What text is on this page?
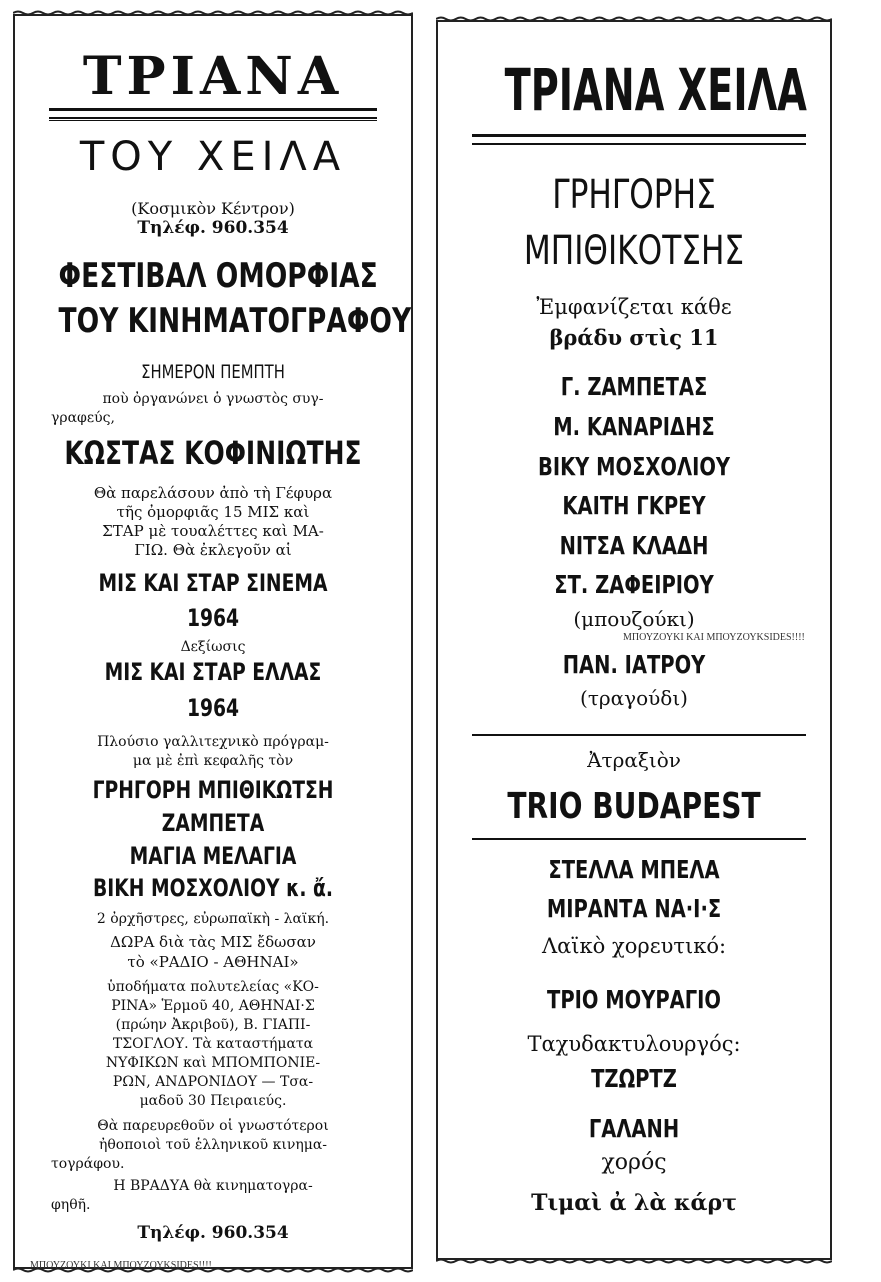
ΤΡΙΑΝΑ
ΤΟΥ ΧΕΙΛΑ
(Κοσμικὸν Κέντρον)
Τηλέφ. 960.354
ΦΕΣΤΙΒΑΛ ΟΜΟΡΦΙΑΣ
ΤΟΥ ΚΙΝΗΜΑΤΟΓΡΑΦΟΥ
ΣΗΜΕΡΟΝ ΠΕΜΠΤΗ
ποὺ ὀργανώνει ὁ γνωστὸς συγ-
γραφεύς,
ΚΩΣΤΑΣ ΚΟΦΙΝΙΩΤΗΣ
Θὰ παρελάσουν ἀπὸ τὴ Γέφυρα
τῆς ὀμορφιᾶς 15 ΜΙΣ καὶ
ΣΤΑΡ μὲ τουαλέττες καὶ ΜΑ-
ΓΙΩ. Θὰ ἐκλεγοῦν αἱ
ΜΙΣ ΚΑΙ ΣΤΑΡ ΣΙΝΕΜΑ
1964
Δεξίωσις
ΜΙΣ ΚΑΙ ΣΤΑΡ ΕΛΛΑΣ
1964
Πλούσιο γαλλιτεχνικὸ πρόγραμ-
μα μὲ ἐπὶ κεφαλῆς τὸν
ΓΡΗΓΟΡΗ ΜΠΙΘΙΚΩΤΣΗ
ΖΑΜΠΕΤΑ
ΜΑΓΙΑ ΜΕΛΑΓΙΑ
ΒΙΚΗ ΜΟΣΧΟΛΙΟΥ κ. ἄ.
2 ὀρχῆστρες, εὐρωπαϊκὴ - λαϊκή.
ΔΩΡΑ διὰ τὰς ΜΙΣ ἔδωσαν
τὸ «ΡΑΔΙΟ - ΑΘΗΝΑΙ»
ὑποδήματα πολυτελείας «ΚΟ-
ΡΙΝΑ» Ἑρμοῦ 40, ΑΘΗΝΑΙ·Σ
(πρώην Ἀκριβοῦ), Β. ΓΙΑΠΙ-
ΤΣΟΓΛΟΥ. Τὰ καταστήματα
ΝΥΦΙΚΩΝ καὶ ΜΠΟΜΠΟΝΙΕ-
ΡΩΝ, ΑΝΔΡΟΝΙΔΟΥ — Τσα-
μαδοῦ 30 Πειραιεύς.
Θὰ παρευρεθοῦν οἱ γνωστότεροι
ἠθοποιοὶ τοῦ ἑλληνικοῦ κινημα-
τογράφου.
Η ΒΡΑΔΥΑ θὰ κινηματογρα-
φηθῆ.
Τηλέφ. 960.354
ΤΡΙΑΝΑ ΧΕΙΛΑ
ΓΡΗΓΟΡΗΣ
ΜΠΙΘΙΚΟΤΣΗΣ
Ἐμφανίζεται κάθε
βράδυ στὶς 11
Γ. ΖΑΜΠΕΤΑΣ
Μ. ΚΑΝΑΡΙΔΗΣ
ΒΙΚΥ ΜΟΣΧΟΛΙΟΥ
ΚΑΙΤΗ ΓΚΡΕΥ
ΝΙΤΣΑ ΚΛΑΔΗ
ΣΤ. ΖΑΦΕΙΡΙΟΥ
(μπουζούκι)
ΠΑΝ. ΙΑΤΡΟΥ
(τραγούδι)
Ἀτραξιὸν
TRIO BUDAPEST
ΣΤΕΛΛΑ ΜΠΕΛΑ
ΜΙΡΑΝΤΑ ΝΑ·Ι·Σ
Λαϊκὸ χορευτικό:
ΤΡΙΟ ΜΟΥΡΑΓΙΟ
Ταχυδακτυλουργός:
ΤΖΩΡΤΖ
ΓΑΛΑΝΗ
χορός
Τιμαὶ ἀ λὰ κάρτ
ΜΠΟΥΖΟΥΚΙ ΚΑΙ ΜΠΟΥΖΟΥΚSIDES!!!!
ΜΠΟΥΖΟΥΚΙ ΚΑΙ ΜΠΟΥΖΟΥΚSIDES!!!!
